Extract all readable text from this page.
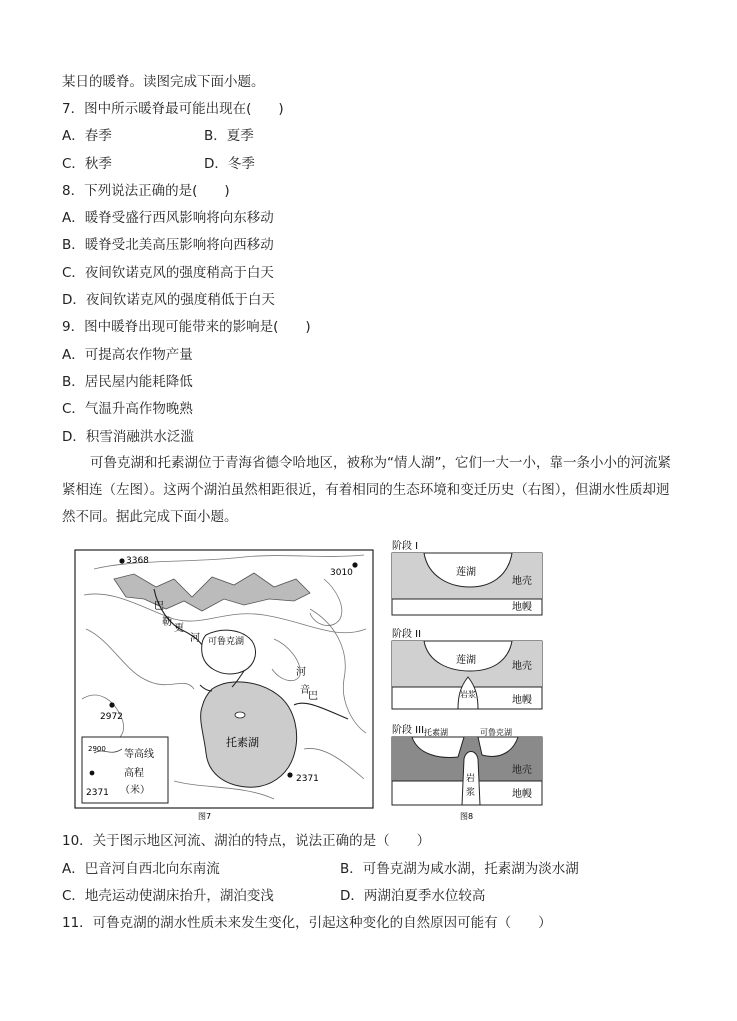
某日的暖脊。读图完成下面小题。
7．图中所示暖脊最可能出现在(　　)
A．春季	B．夏季
C．秋季	D．冬季
8．下列说法正确的是(　　)
A．暖脊受盛行西风影响将向东移动
B．暖脊受北美高压影响将向西移动
C．夜间钦诺克风的强度稍高于白天
D．夜间钦诺克风的强度稍低于白天
9．图中暖脊出现可能带来的影响是(　　)
A．可提高农作物产量
B．居民屋内能耗降低
C．气温升高作物晚熟
D．积雪消融洪水泛滥
可鲁克湖和托素湖位于青海省德令哈地区，被称为“情人湖”，它们一大一小，靠一条小小的河流紧紧相连（左图）。这两个湖泊虽然相距很近，有着相同的生态环境和变迁历史（右图），但湖水性质却迥然不同。据此完成下面小题。
3368
3010
2972
2371
巴
勒
更
河
河
音
巴
可鲁克湖
托素湖
2900 等高线
高程
（米）
2371
图7
阶段 I
莲湖
地壳
地幔
阶段 II
莲湖
地壳
岩浆
地幔
阶段 III 托素湖	可鲁克湖
地壳
岩
浆	地幔
图8
10．关于图示地区河流、湖泊的特点，说法正确的是（　　）
A．巴音河自西北向东南流	B．可鲁克湖为咸水湖，托素湖为淡水湖
C．地壳运动使湖床抬升，湖泊变浅	D．两湖泊夏季水位较高
11．可鲁克湖的湖水性质未来发生变化，引起这种变化的自然原因可能有（　　）
